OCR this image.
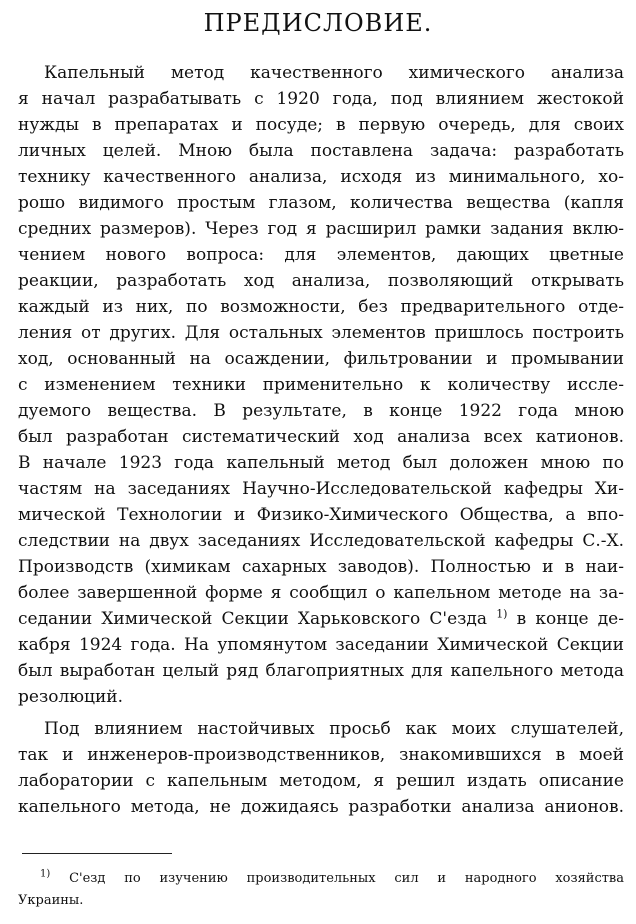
ПРЕДИСЛОВИЕ.
Капельный метод качественного химического анализа
я начал разрабатывать с 1920 года, под влиянием жестокой
нужды в препаратах и посуде; в первую очередь, для своих
личных целей. Мною была поставлена задача: разработать
технику качественного анализа, исходя из минимального, хо-
рошо видимого простым глазом, количества вещества (капля
средних размеров). Через год я расширил рамки задания вклю-
чением нового вопроса: для элементов, дающих цветные
реакции, разработать ход анализа, позволяющий открывать
каждый из них, по возможности, без предварительного отде-
ления от других. Для остальных элементов пришлось построить
ход, основанный на осаждении, фильтровании и промывании
с изменением техники применительно к количеству иссле-
дуемого вещества. В результате, в конце 1922 года мною
был разработан систематический ход анализа всех катионов.
В начале 1923 года капельный метод был доложен мною по
частям на заседаниях Научно-Исследовательской кафедры Хи-
мической Технологии и Физико-Химического Общества, а впо-
следствии на двух заседаниях Исследовательской кафедры С.-Х.
Производств (химикам сахарных заводов). Полностью и в наи-
более завершенной форме я сообщил о капельном методе на за-
седании Химической Секции Харьковского С'езда $^{1)}$ в конце де-
кабря 1924 года. На упомянутом заседании Химической Секции
был выработан целый ряд благоприятных для капельного метода
резолюций.
Под влиянием настойчивых просьб как моих слушателей,
так и инженеров-производственников, знакомившихся в моей
лаборатории с капельным методом, я решил издать описание
капельного метода, не дожидаясь разработки анализа анионов.
$^{1)}$ С'езд по изучению производительных сил и народного хозяйства
Украины.
